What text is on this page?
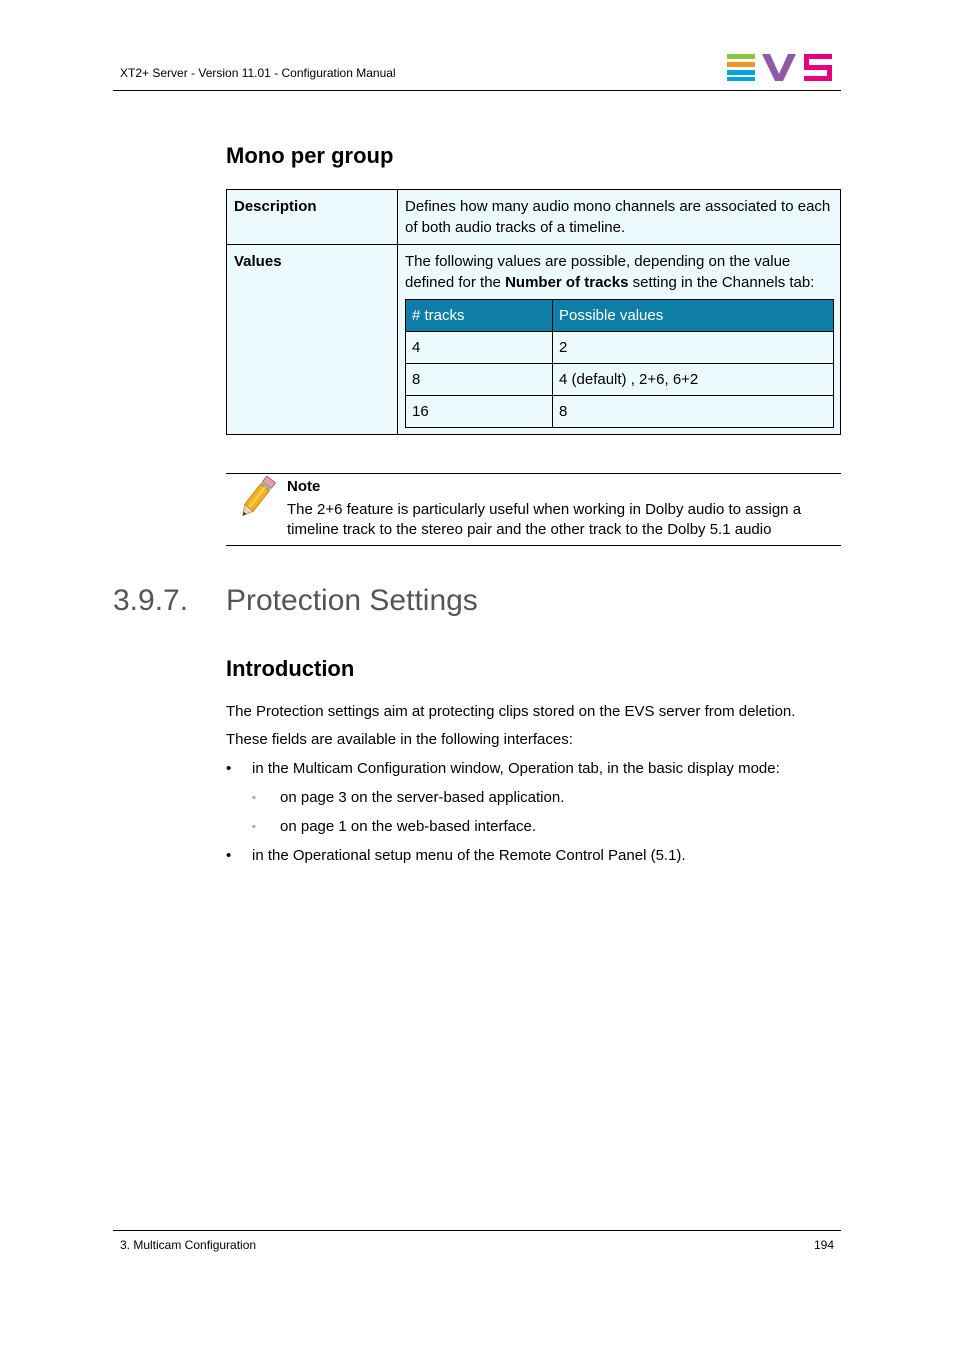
XT2+ Server - Version 11.01 - Configuration Manual
Mono per group
Description	Defines how many audio mono channels are associated to each of both audio tracks of a timeline.
Values	The following values are possible, depending on the value defined for the Number of tracks setting in the Channels tab:
# tracks	Possible values
4	2
8	4 (default) , 2+6, 6+2
16	8
Note
The 2+6 feature is particularly useful when working in Dolby audio to assign a timeline track to the stereo pair and the other track to the Dolby 5.1 audio
3.9.7. Protection Settings
Introduction
The Protection settings aim at protecting clips stored on the EVS server from deletion.
These fields are available in the following interfaces:
• in the Multicam Configuration window, Operation tab, in the basic display mode:
◦ on page 3 on the server-based application.
◦ on page 1 on the web-based interface.
• in the Operational setup menu of the Remote Control Panel (5.1).
3. Multicam Configuration	194
